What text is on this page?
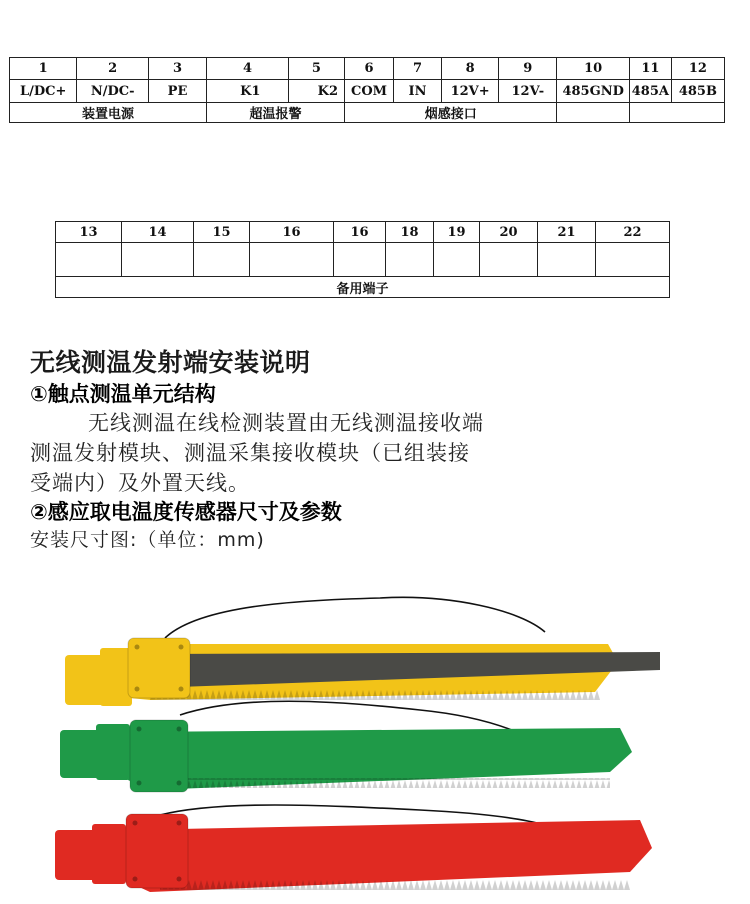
1	2	3	4	5	6	7	8	9	10	11	12
L/DC+	N/DC-	PE	K1	K2	COM	IN	12V+	12V-	485GND	485A	485B
装置电源			超温报警		烟感接口						
13	14	15	16	16	18	19	20	21	22

备用端子									

无线测温发射端安装说明

①触点测温单元结构

无线测温在线检测装置由无线测温接收端

测温发射模块、测温采集接收模块（已组装接

受端内）及外置天线。

②感应取电温度传感器尺寸及参数

安装尺寸图:（单位：mm)
